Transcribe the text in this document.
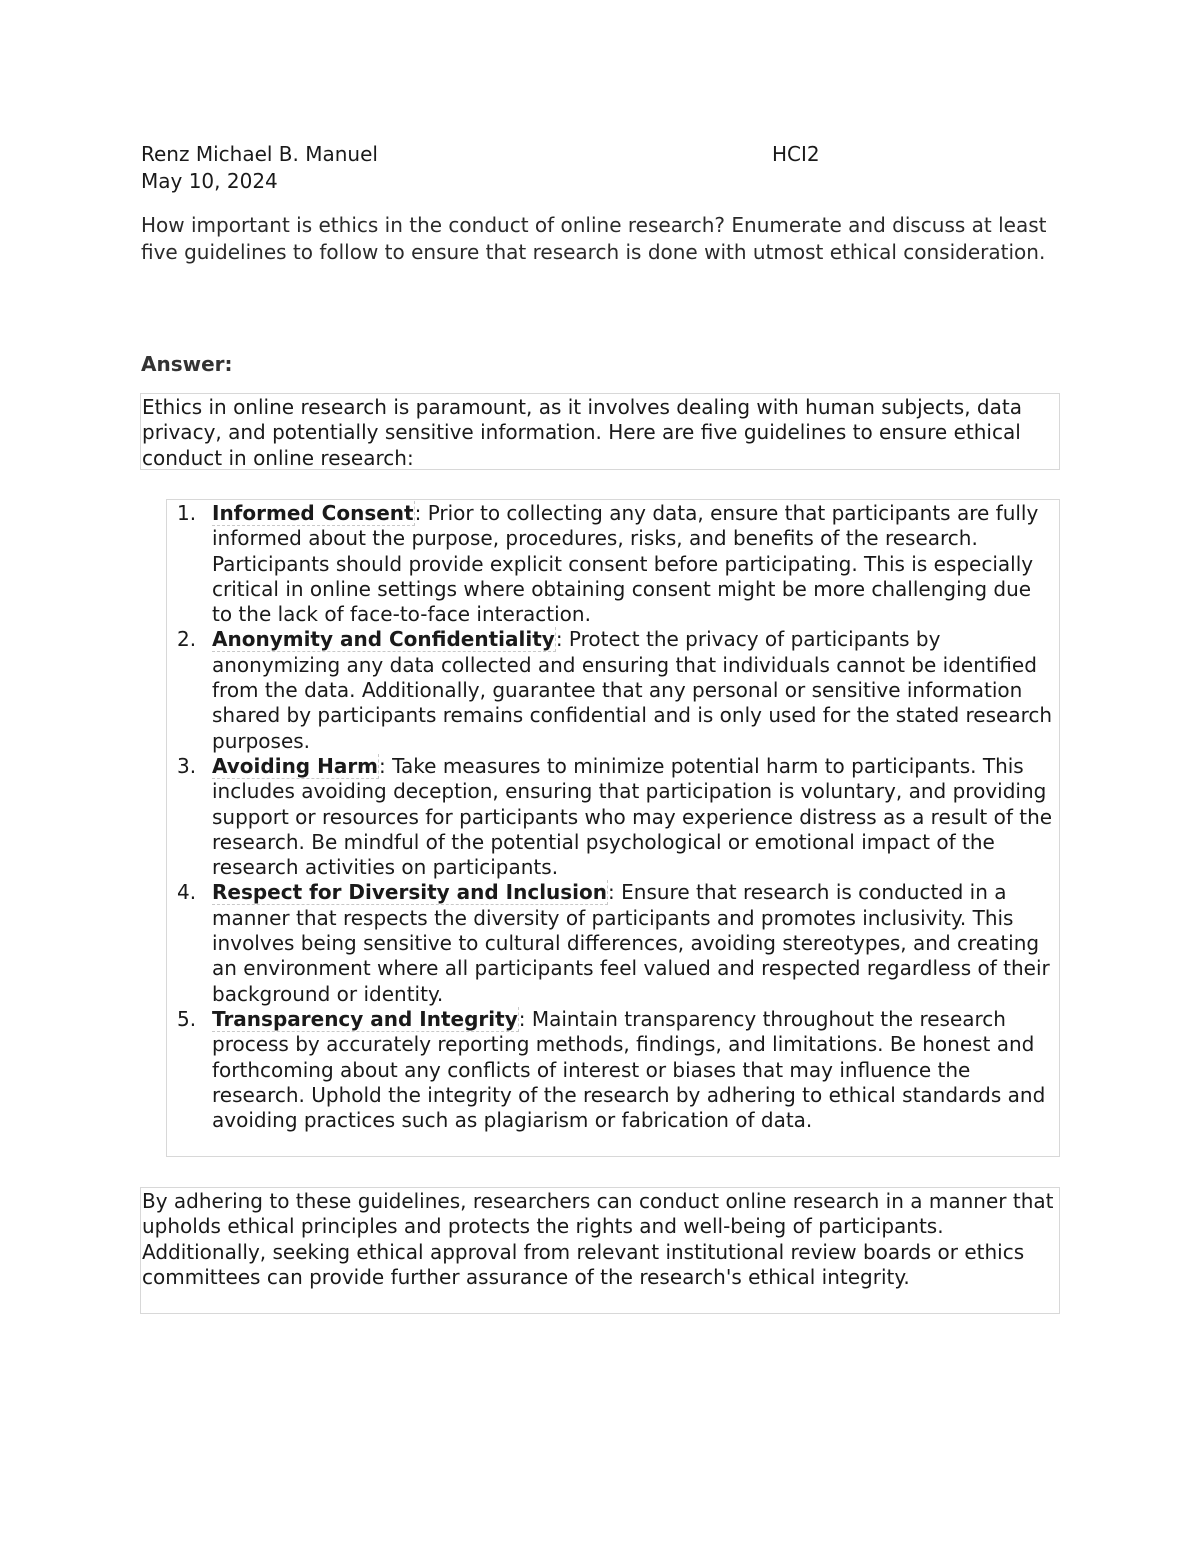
Renz Michael B. Manuel	HCI2
May 10, 2024
How important is ethics in the conduct of online research? Enumerate and discuss at least five guidelines to follow to ensure that research is done with utmost ethical consideration.
Answer:
Ethics in online research is paramount, as it involves dealing with human subjects, data privacy, and potentially sensitive information. Here are five guidelines to ensure ethical conduct in online research:
1. Informed Consent: Prior to collecting any data, ensure that participants are fully informed about the purpose, procedures, risks, and benefits of the research. Participants should provide explicit consent before participating. This is especially critical in online settings where obtaining consent might be more challenging due to the lack of face-to-face interaction.
2. Anonymity and Confidentiality: Protect the privacy of participants by anonymizing any data collected and ensuring that individuals cannot be identified from the data. Additionally, guarantee that any personal or sensitive information shared by participants remains confidential and is only used for the stated research purposes.
3. Avoiding Harm: Take measures to minimize potential harm to participants. This includes avoiding deception, ensuring that participation is voluntary, and providing support or resources for participants who may experience distress as a result of the research. Be mindful of the potential psychological or emotional impact of the research activities on participants.
4. Respect for Diversity and Inclusion: Ensure that research is conducted in a manner that respects the diversity of participants and promotes inclusivity. This involves being sensitive to cultural differences, avoiding stereotypes, and creating an environment where all participants feel valued and respected regardless of their background or identity.
5. Transparency and Integrity: Maintain transparency throughout the research process by accurately reporting methods, findings, and limitations. Be honest and forthcoming about any conflicts of interest or biases that may influence the research. Uphold the integrity of the research by adhering to ethical standards and avoiding practices such as plagiarism or fabrication of data.
By adhering to these guidelines, researchers can conduct online research in a manner that upholds ethical principles and protects the rights and well-being of participants. Additionally, seeking ethical approval from relevant institutional review boards or ethics committees can provide further assurance of the research's ethical integrity.
